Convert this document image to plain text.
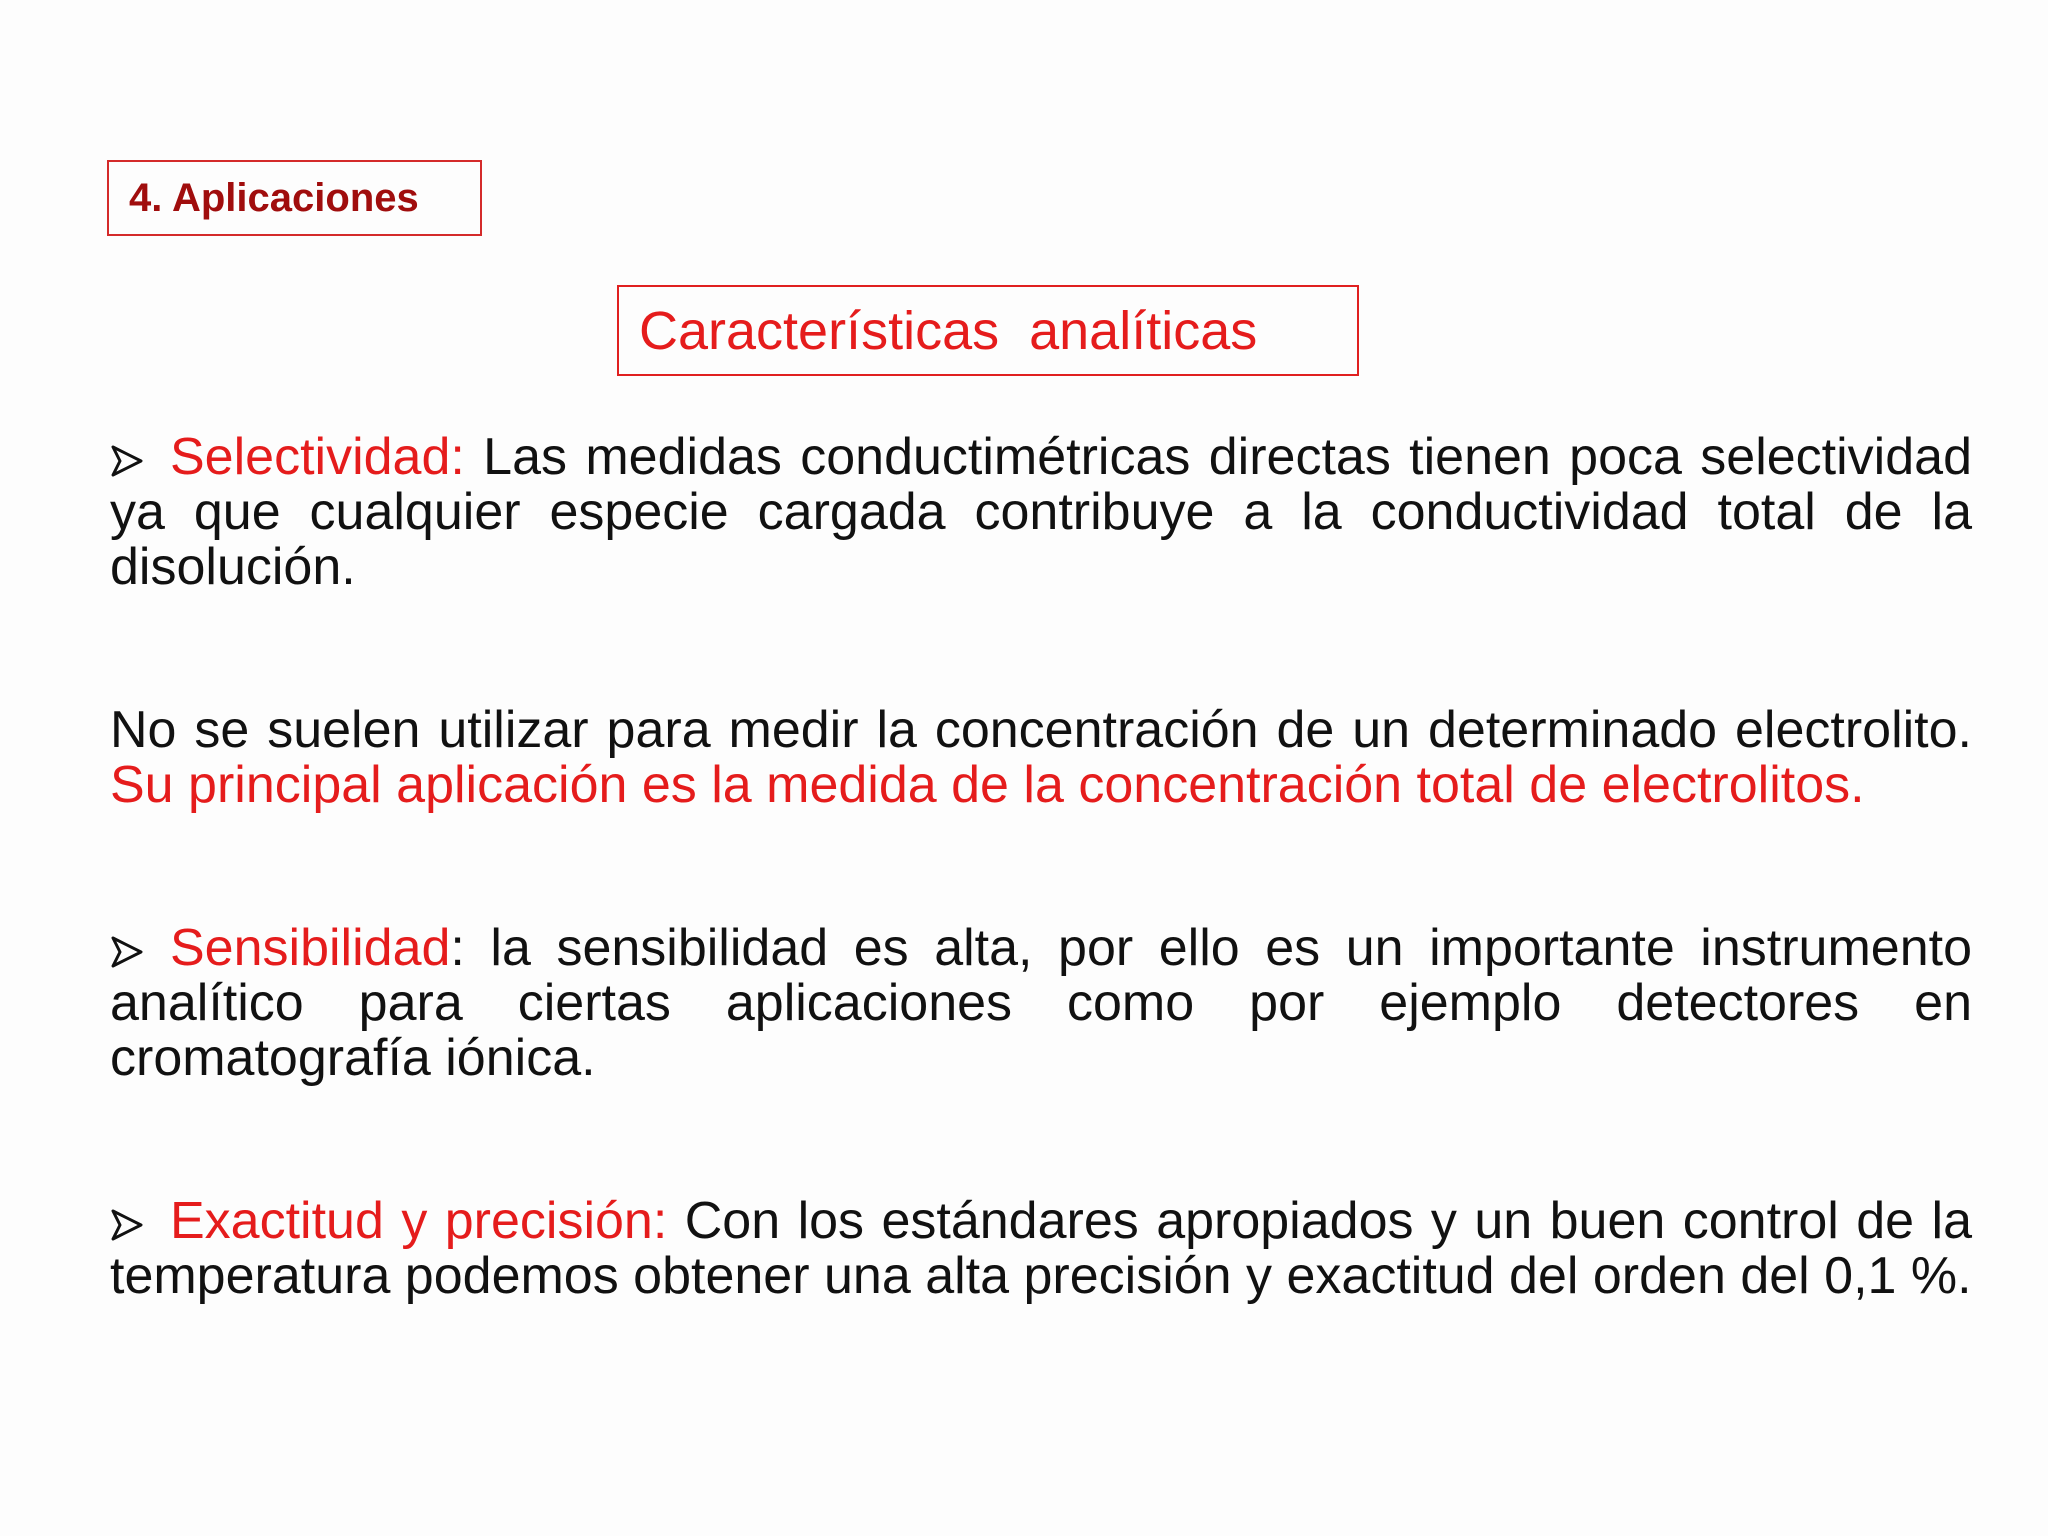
4. Aplicaciones
Características  analíticas

Selectividad: Las medidas conductimétricas directas tienen poca selectividad ya que cualquier especie cargada contribuye a la conductividad total de la disolución.

No se suelen utilizar para medir la concentración de un determinado electrolito. Su principal aplicación es la medida de la concentración total de electrolitos.

Sensibilidad: la sensibilidad es alta, por ello es un importante instrumento analítico para ciertas aplicaciones como por ejemplo detectores en cromatografía iónica.

Exactitud y precisión: Con los estándares apropiados y un buen control de la temperatura podemos obtener una alta precisión y exactitud del orden del 0,1 %.
